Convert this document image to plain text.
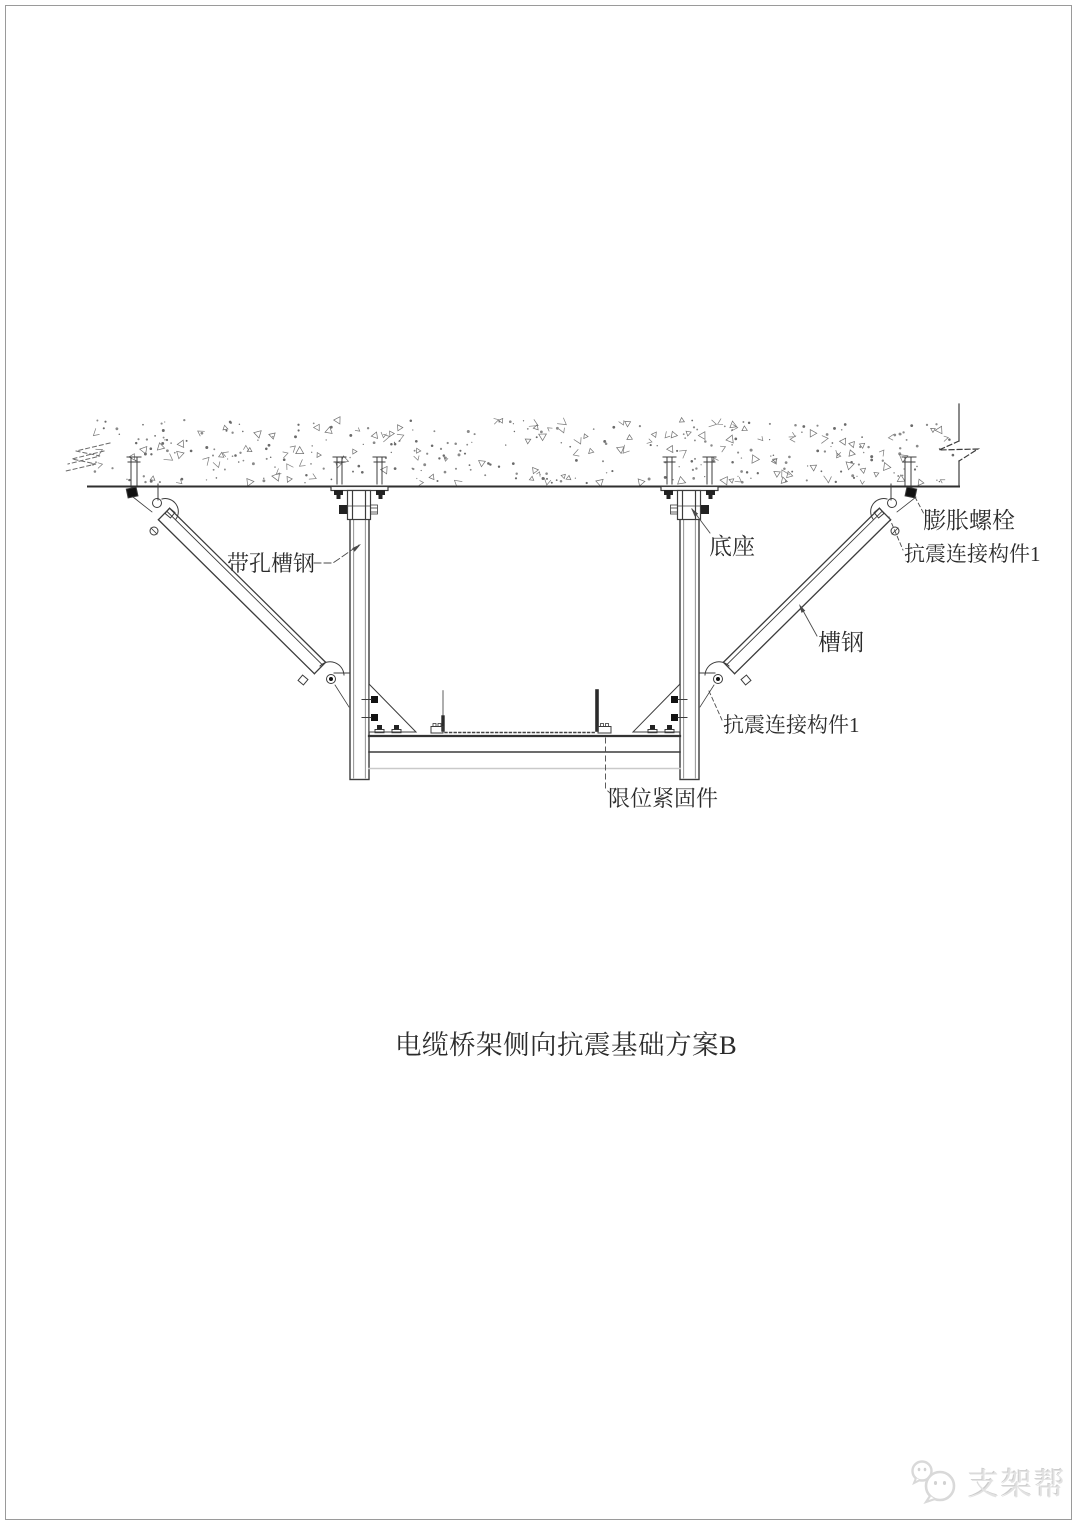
带孔槽钢
底座
膨胀螺栓
抗震连接构件1
槽钢
抗震连接构件1
限位紧固件
电缆桥架侧向抗震基础方案B
支架帮
